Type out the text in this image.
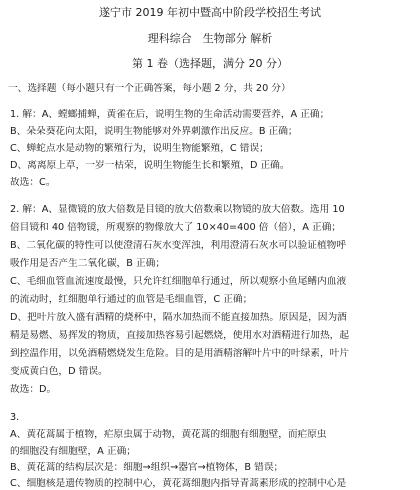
遂宁市 2019 年初中暨高中阶段学校招生考试
理科综合　生物部分 解析
第 1 卷（选择题，满分 20 分）
一、选择题（每小题只有一个正确答案，每小题 2 分，共 20 分）
1. 解：A、螳螂捕蝉，黄雀在后，说明生物的生命活动需要营养，A 正确；
B、朵朵葵花向太阳，说明生物能够对外界刺激作出反应。B 正确；
C、蝉蛇点水是动物的繁殖行为，说明生物能繁殖，C 错误；
D、离离原上草，一岁一枯荣，说明生物能生长和繁殖，D 正确。
故选：C。
2. 解：A、显微镜的放大倍数是目镜的放大倍数乘以物镜的放大倍数。选用 10
倍目镜和 40 倍物镜，所观察的物像放大了 10×40=400 倍（倍），A 正确；
B、二氧化碳的特性可以使澄清石灰水变浑浊，利用澄清石灰水可以验证植物呼
吸作用是否产生二氧化碳，B 正确；
C、毛细血管血流速度最慢，只允许红细胞单行通过，所以观察小鱼尾鳍内血液
的流动时，红细胞单行通过的血管是毛细血管，C 正确；
D、把叶片放入盛有酒精的烧杯中，隔水加热而不能直接加热。原因是，因为酒
精是易燃、易挥发的物质，直接加热容易引起燃烧，使用水对酒精进行加热，起
到控温作用，以免酒精燃烧发生危险。目的是用酒精溶解叶片中的叶绿素，叶片
变成黄白色，D 错误。
故选：D。
3.
A、黄花蒿属于植物，疟原虫属于动物，黄花蒿的细胞有细胞壁，而疟原虫
的细胞没有细胞壁，A 正确；
B、黄花蒿的结构层次是：细胞→组织→器官→植物体，B 错误；
C、细胞核是遗传物质的控制中心，黄花蒿细胞内指导青蒿素形成的控制中心是
